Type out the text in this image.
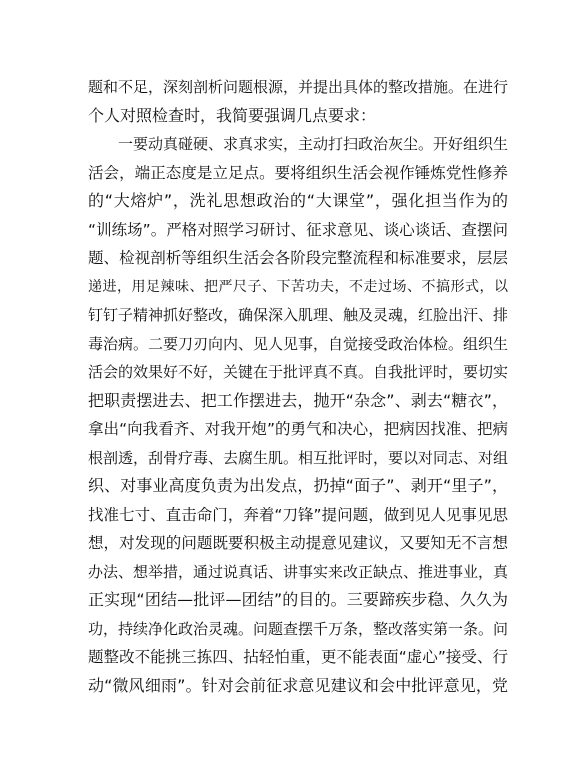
题和不足，深刻剖析问题根源，并提出具体的整改措施。在进行
个人对照检查时，我简要强调几点要求：
一要动真碰硬、求真求实，主动打扫政治灰尘。开好组织生
活会，端正态度是立足点。要将组织生活会视作锤炼党性修养
的“大熔炉”，洗礼思想政治的“大课堂”，强化担当作为的
“训练场”。严格对照学习研讨、征求意见、谈心谈话、查摆问
题、检视剖析等组织生活会各阶段完整流程和标准要求，层层
递进，用足辣味、把严尺子、下苦功夫，不走过场、不搞形式，以
钉钉子精神抓好整改，确保深入肌理、触及灵魂，红脸出汗、排
毒治病。二要刀刃向内、见人见事，自觉接受政治体检。组织生
活会的效果好不好，关键在于批评真不真。自我批评时，要切实
把职责摆进去、把工作摆进去，抛开“杂念”、剥去“糖衣”，
拿出“向我看齐、对我开炮”的勇气和决心，把病因找准、把病
根剖透，刮骨疗毒、去腐生肌。相互批评时，要以对同志、对组
织、对事业高度负责为出发点，扔掉“面子”、剥开“里子”，
找准七寸、直击命门，奔着“刀锋”提问题，做到见人见事见思
想，对发现的问题既要积极主动提意见建议，又要知无不言想
办法、想举措，通过说真话、讲事实来改正缺点、推进事业，真
正实现“团结—批评—团结”的目的。三要蹄疾步稳、久久为
功，持续净化政治灵魂。问题查摆千万条，整改落实第一条。问
题整改不能挑三拣四、拈轻怕重，更不能表面“虚心”接受、行
动“微风细雨”。针对会前征求意见建议和会中批评意见，党
